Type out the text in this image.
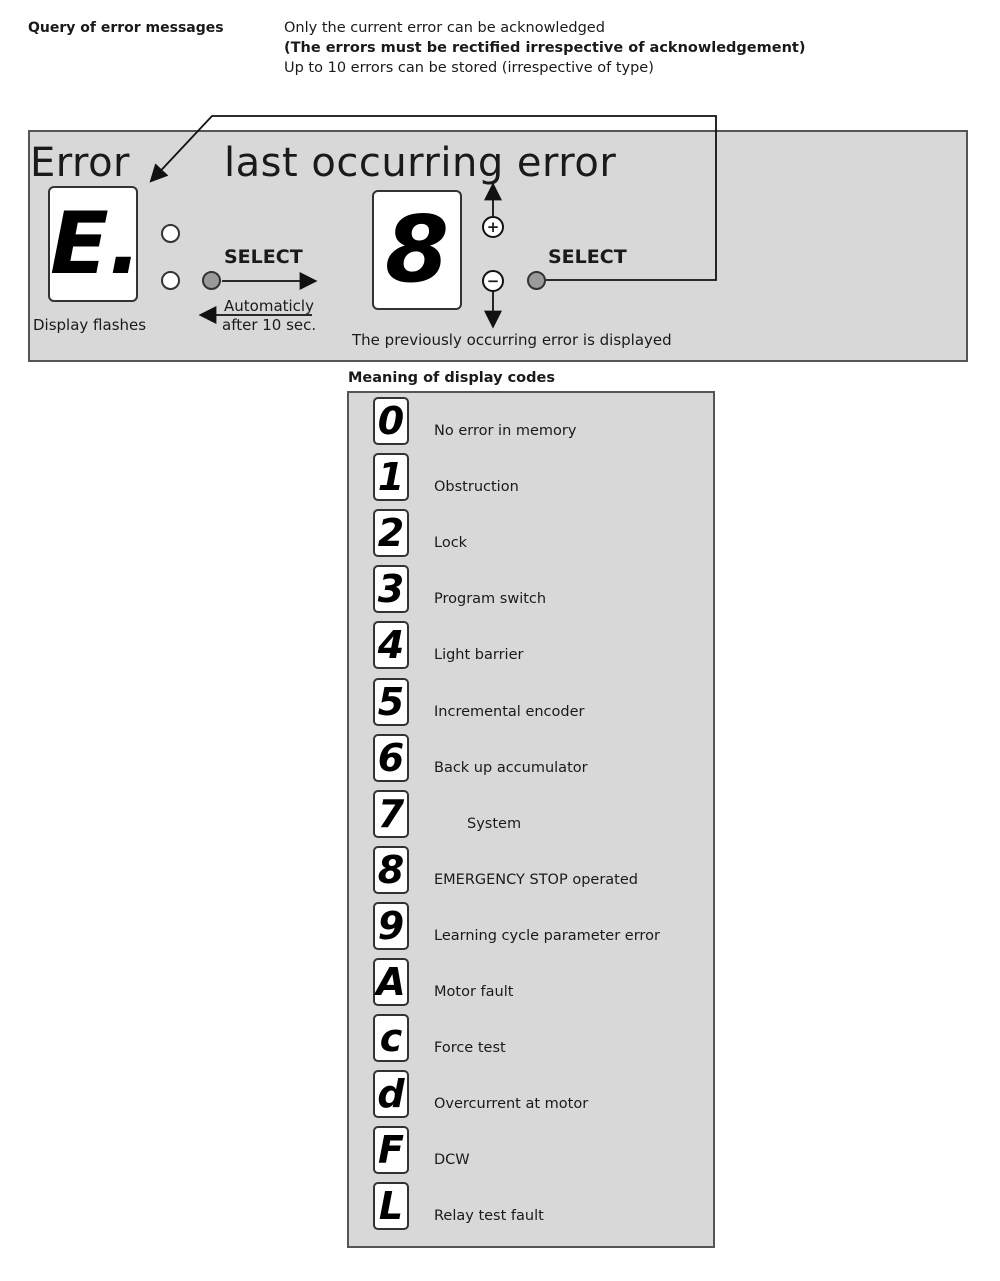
Query of error messages	Only the current error can be acknowledged
(The errors must be rectified irrespective of acknowledgement)
Up to 10 errors can be stored (irrespective of type)
Error last occurring error
E.
Display flashes
SELECT
Automaticly
after 10 sec.
8	+
−
SELECT
The previously occurring error is displayed
Meaning of display codes
0 No error in memory
1 Obstruction
2 Lock
3 Program switch
4 Light barrier
5 Incremental encoder
6 Back up accumulator
7	System
8 EMERGENCY STOP operated
9 Learning cycle parameter error
A Motor fault
c	Force test
d Overcurrent at motor
F DCW
L Relay test fault
